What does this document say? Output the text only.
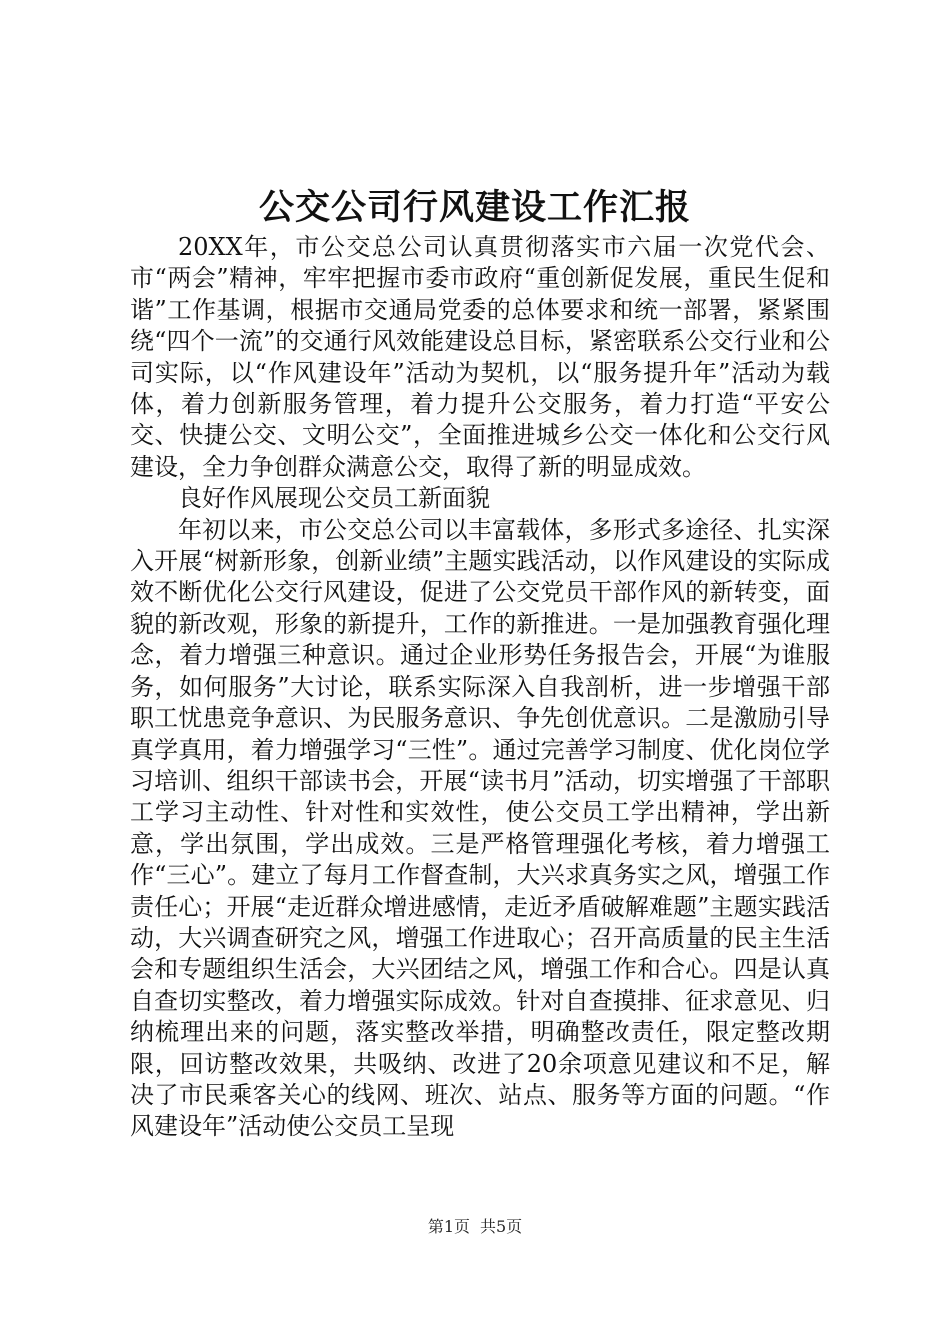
公交公司行风建设工作汇报

20XX年，市公交总公司认真贯彻落实市六届一次党代会、市“两会”精神，牢牢把握市委市政府“重创新促发展，重民生促和谐”工作基调，根据市交通局党委的总体要求和统一部署，紧紧围绕“四个一流”的交通行风效能建设总目标，紧密联系公交行业和公司实际，以“作风建设年”活动为契机，以“服务提升年”活动为载体，着力创新服务管理，着力提升公交服务，着力打造“平安公交、快捷公交、文明公交”，全面推进城乡公交一体化和公交行风建设，全力争创群众满意公交，取得了新的明显成效。

良好作风展现公交员工新面貌

年初以来，市公交总公司以丰富载体，多形式多途径、扎实深入开展“树新形象，创新业绩”主题实践活动，以作风建设的实际成效不断优化公交行风建设，促进了公交党员干部作风的新转变，面貌的新改观，形象的新提升，工作的新推进。一是加强教育强化理念，着力增强三种意识。通过企业形势任务报告会，开展“为谁服务，如何服务”大讨论，联系实际深入自我剖析，进一步增强干部职工忧患竞争意识、为民服务意识、争先创优意识。二是激励引导真学真用，着力增强学习“三性”。通过完善学习制度、优化岗位学习培训、组织干部读书会，开展“读书月”活动，切实增强了干部职工学习主动性、针对性和实效性，使公交员工学出精神，学出新意，学出氛围，学出成效。三是严格管理强化考核，着力增强工作“三心”。建立了每月工作督查制，大兴求真务实之风，增强工作责任心；开展“走近群众增进感情，走近矛盾破解难题”主题实践活动，大兴调查研究之风，增强工作进取心；召开高质量的民主生活会和专题组织生活会，大兴团结之风，增强工作和合心。四是认真自查切实整改，着力增强实际成效。针对自查摸排、征求意见、归纳梳理出来的问题，落实整改举措，明确整改责任，限定整改期限，回访整改效果，共吸纳、改进了20余项意见建议和不足，解决了市民乘客关心的线网、班次、站点、服务等方面的问题。“作风建设年”活动使公交员工呈现

第1页 共5页
